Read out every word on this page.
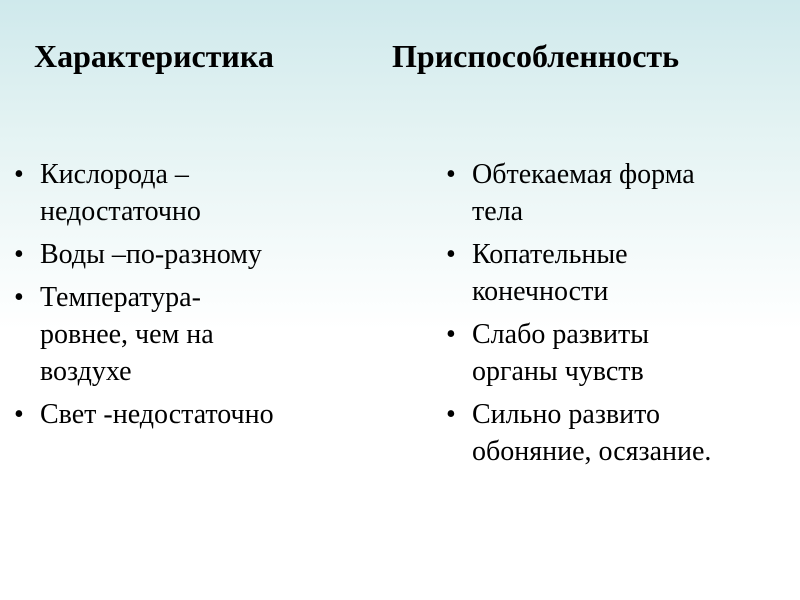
Характеристика	Приспособленность
• Кислорода –
недостаточно
• Воды –по-разному
• Температура-
ровнее, чем на
воздухе
• Свет -недостаточно
• Обтекаемая форма
тела
• Копательные
конечности
• Слабо развиты
органы чувств
• Сильно развито
обоняние, осязание.
